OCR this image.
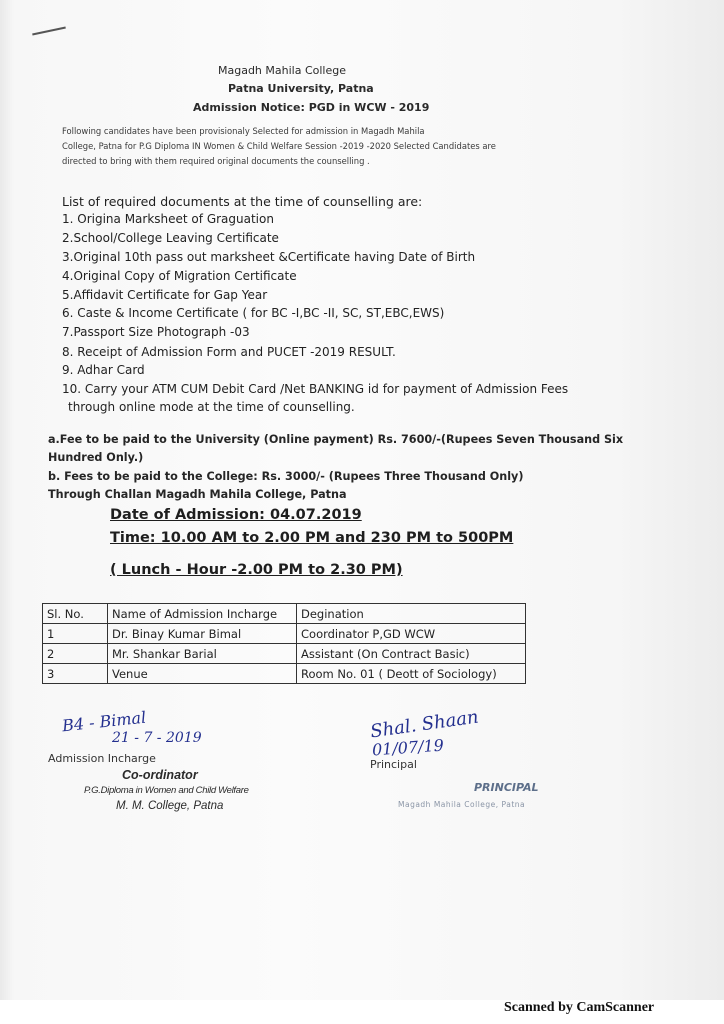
Magadh Mahila College
Patna University, Patna
Admission Notice: PGD in WCW - 2019
Following candidates have been provisionaly Selected for admission in Magadh Mahila
College, Patna for P.G Diploma IN Women & Child Welfare Session -2019 -2020 Selected Candidates are
directed to bring with them required original documents the counselling .
List of required documents at the time of counselling are:
1. Origina Marksheet of Graguation
2.School/College Leaving Certificate
3.Original 10th pass out marksheet &Certificate having Date of Birth
4.Original Copy of Migration Certificate
5.Affidavit Certificate for Gap Year
6. Caste & Income Certificate ( for BC -I,BC -II, SC, ST,EBC,EWS)
7.Passport Size Photograph -03
8. Receipt of Admission Form and PUCET -2019 RESULT.
9. Adhar Card
10. Carry your ATM CUM Debit Card /Net BANKING id for payment of Admission Fees
through online mode at the time of counselling.
a.Fee to be paid to the University (Online payment) Rs. 7600/-(Rupees Seven Thousand Six
Hundred Only.)
b. Fees to be paid to the College: Rs. 3000/- (Rupees Three Thousand Only)
Through Challan Magadh Mahila College, Patna
Date of Admission: 04.07.2019
Time: 10.00 AM to 2.00 PM and 230 PM to 500PM
( Lunch - Hour -2.00 PM to 2.30 PM)
Sl. No.	Name of Admission Incharge	Degination
1	Dr. Binay Kumar Bimal	Coordinator P,GD WCW
2	Mr. Shankar Barial	Assistant (On Contract Basic)
3	Venue	Room No. 01 ( Deott of Sociology)
B4 - Bimal
21 - 7 - 2019
Admission Incharge
Co-ordinator
P.G.Diploma in Women and Child Welfare
M. M. College, Patna
Shal. Shaan
01/07/19
Principal
PRINCIPAL
Magadh Mahila College, Patna
Scanned by CamScanner
